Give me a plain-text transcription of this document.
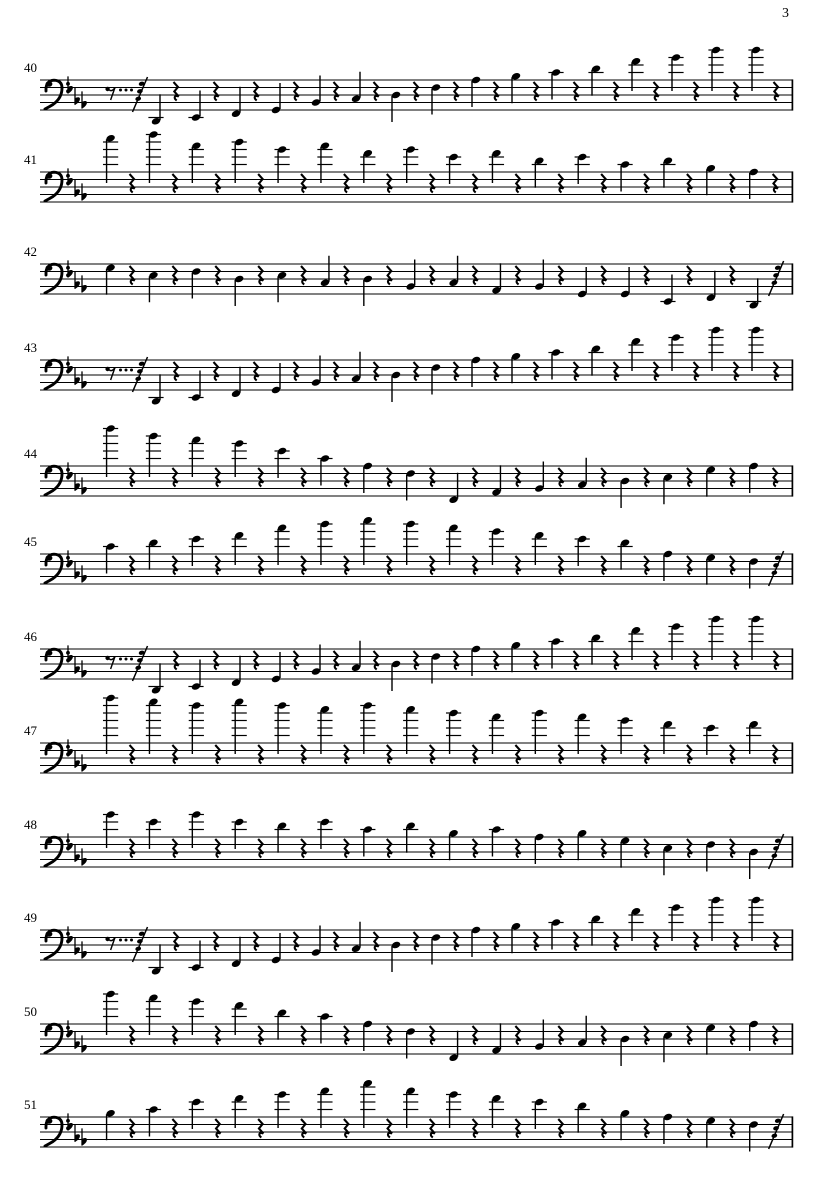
3
40
41
42
43
44
45
46
47
48
49
50
51
